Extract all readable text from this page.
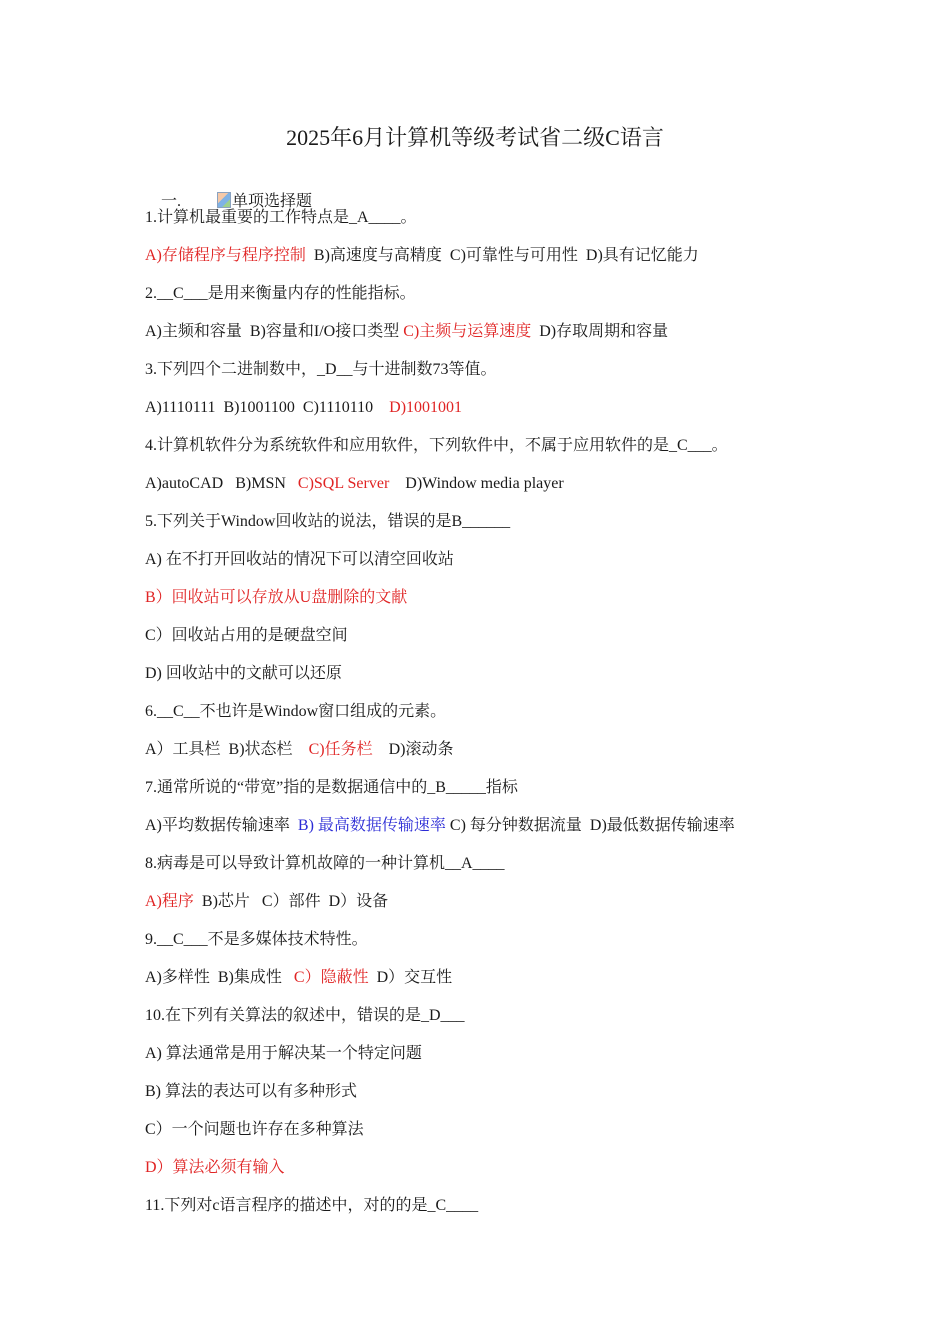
2025年6月计算机等级考试省二级C语言

一.	单项选择题

1.计算机最重要的工作特点是_A____。
A)存储程序与程序控制  B)高速度与高精度  C)可靠性与可用性  D)具有记忆能力
2.__C___是用来衡量内存的性能指标。
A)主频和容量  B)容量和I/O接口类型 C)主频与运算速度  D)存取周期和容量
3.下列四个二进制数中，_D__与十进制数73等值。
A)1110111  B)1001100  C)1110110    D)1001001
4.计算机软件分为系统软件和应用软件，下列软件中，不属于应用软件的是_C___。
A)autoCAD   B)MSN   C)SQL Server    D)Window media player
5.下列关于Window回收站的说法，错误的是B______
A) 在不打开回收站的情况下可以清空回收站
B）回收站可以存放从U盘删除的文献
C）回收站占用的是硬盘空间
D) 回收站中的文献可以还原
6.__C__不也许是Window窗口组成的元素。
A）工具栏  B)状态栏    C)任务栏    D)滚动条
7.通常所说的“带宽”指的是数据通信中的_B_____指标
A)平均数据传输速率  B) 最高数据传输速率 C) 每分钟数据流量  D)最低数据传输速率
8.病毒是可以导致计算机故障的一种计算机__A____
A)程序  B)芯片   C）部件  D）设备
9.__C___不是多媒体技术特性。
A)多样性  B)集成性   C）隐蔽性  D）交互性
10.在下列有关算法的叙述中，错误的是_D___
A) 算法通常是用于解决某一个特定问题
B) 算法的表达可以有多种形式
C）一个问题也许存在多种算法
D）算法必须有输入
11.下列对c语言程序的描述中，对的的是_C____
